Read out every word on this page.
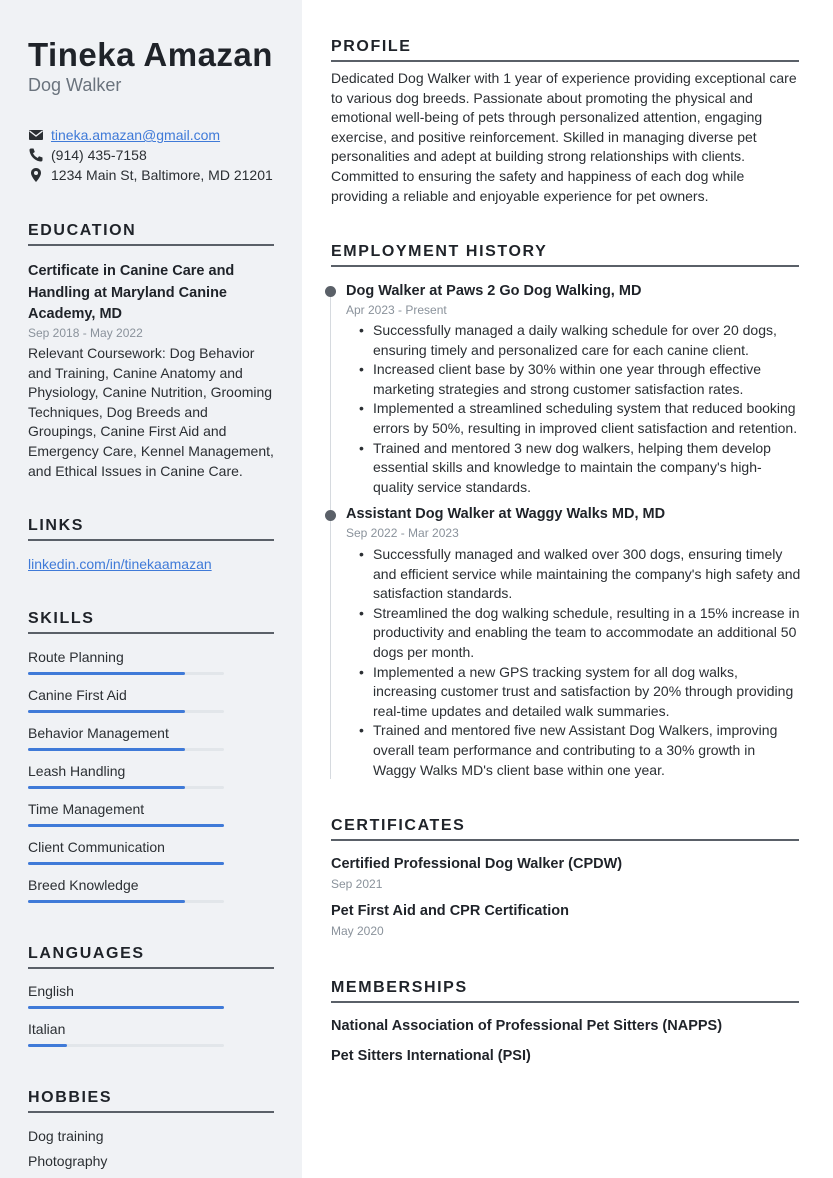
Tineka Amazan
Dog Walker
tineka.amazan@gmail.com
(914) 435-7158
1234 Main St, Baltimore, MD 21201
EDUCATION
Certificate in Canine Care and Handling at Maryland Canine Academy, MD
Sep 2018 - May 2022
Relevant Coursework: Dog Behavior and Training, Canine Anatomy and Physiology, Canine Nutrition, Grooming Techniques, Dog Breeds and Groupings, Canine First Aid and Emergency Care, Kennel Management, and Ethical Issues in Canine Care.
LINKS
linkedin.com/in/tinekaamazan
SKILLS
Route Planning
Canine First Aid
Behavior Management
Leash Handling
Time Management
Client Communication
Breed Knowledge
LANGUAGES
English
Italian
HOBBIES
Dog training
Photography
PROFILE
Dedicated Dog Walker with 1 year of experience providing exceptional care to various dog breeds. Passionate about promoting the physical and emotional well-being of pets through personalized attention, engaging exercise, and positive reinforcement. Skilled in managing diverse pet personalities and adept at building strong relationships with clients. Committed to ensuring the safety and happiness of each dog while providing a reliable and enjoyable experience for pet owners.
EMPLOYMENT HISTORY
Dog Walker at Paws 2 Go Dog Walking, MD
Apr 2023 - Present
• Successfully managed a daily walking schedule for over 20 dogs, ensuring timely and personalized care for each canine client.
• Increased client base by 30% within one year through effective marketing strategies and strong customer satisfaction rates.
• Implemented a streamlined scheduling system that reduced booking errors by 50%, resulting in improved client satisfaction and retention.
• Trained and mentored 3 new dog walkers, helping them develop essential skills and knowledge to maintain the company's high-quality service standards.
Assistant Dog Walker at Waggy Walks MD, MD
Sep 2022 - Mar 2023
• Successfully managed and walked over 300 dogs, ensuring timely and efficient service while maintaining the company's high safety and satisfaction standards.
• Streamlined the dog walking schedule, resulting in a 15% increase in productivity and enabling the team to accommodate an additional 50 dogs per month.
• Implemented a new GPS tracking system for all dog walks, increasing customer trust and satisfaction by 20% through providing real-time updates and detailed walk summaries.
• Trained and mentored five new Assistant Dog Walkers, improving overall team performance and contributing to a 30% growth in Waggy Walks MD's client base within one year.
CERTIFICATES
Certified Professional Dog Walker (CPDW)
Sep 2021
Pet First Aid and CPR Certification
May 2020
MEMBERSHIPS
National Association of Professional Pet Sitters (NAPPS)
Pet Sitters International (PSI)
